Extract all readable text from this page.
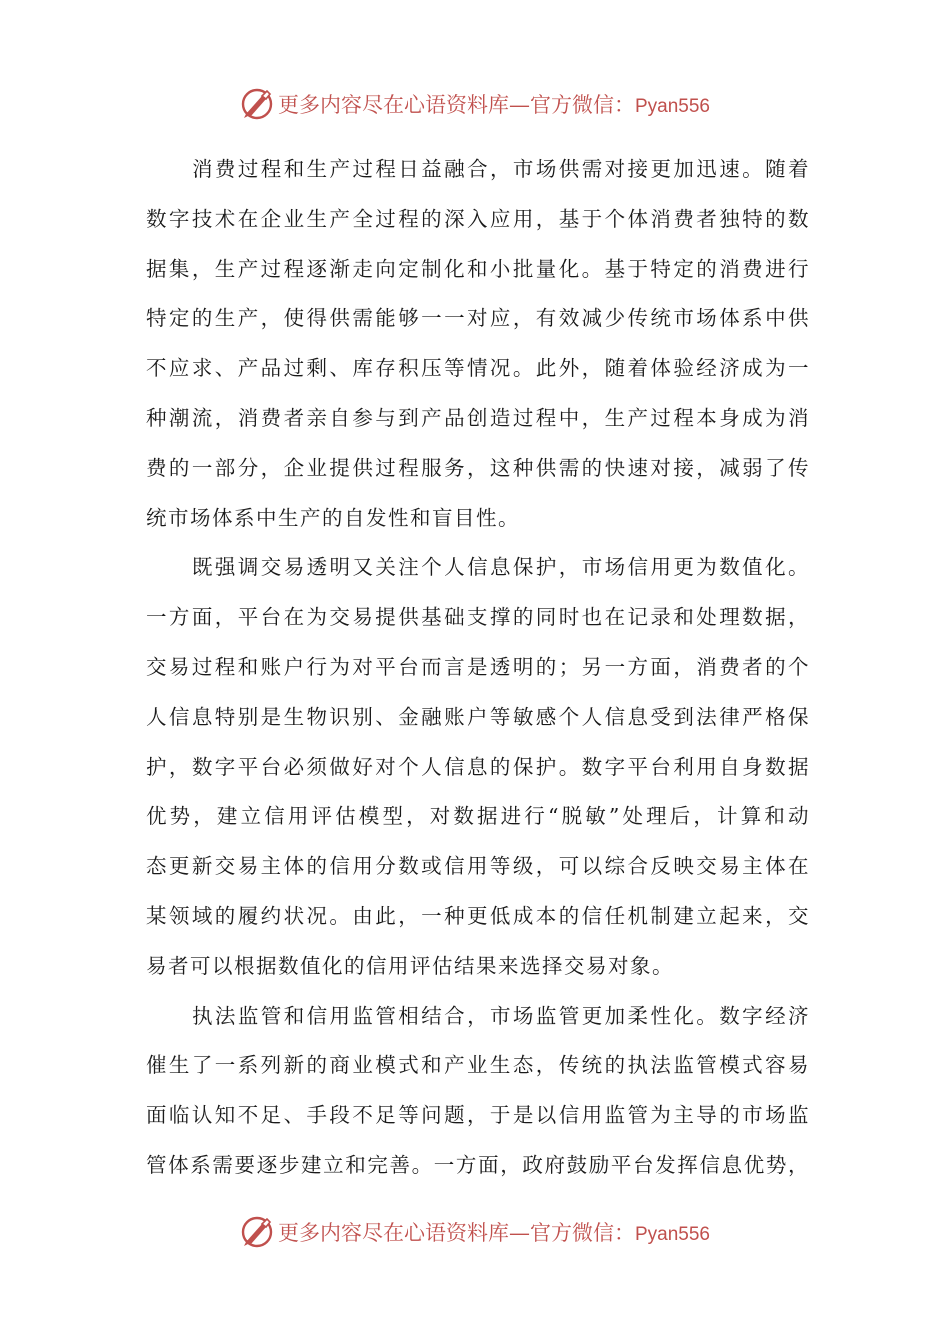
更多内容尽在心语资料库—官方微信：Pyan556

消费过程和生产过程日益融合，市场供需对接更加迅速。随着
数字技术在企业生产全过程的深入应用，基于个体消费者独特的数
据集，生产过程逐渐走向定制化和小批量化。基于特定的消费进行
特定的生产，使得供需能够一一对应，有效减少传统市场体系中供
不应求、产品过剩、库存积压等情况。此外，随着体验经济成为一
种潮流，消费者亲自参与到产品创造过程中，生产过程本身成为消
费的一部分，企业提供过程服务，这种供需的快速对接，减弱了传
统市场体系中生产的自发性和盲目性。

既强调交易透明又关注个人信息保护，市场信用更为数值化。
一方面，平台在为交易提供基础支撑的同时也在记录和处理数据，
交易过程和账户行为对平台而言是透明的；另一方面，消费者的个
人信息特别是生物识别、金融账户等敏感个人信息受到法律严格保
护，数字平台必须做好对个人信息的保护。数字平台利用自身数据
优势，建立信用评估模型，对数据进行“脱敏”处理后，计算和动
态更新交易主体的信用分数或信用等级，可以综合反映交易主体在
某领域的履约状况。由此，一种更低成本的信任机制建立起来，交
易者可以根据数值化的信用评估结果来选择交易对象。

执法监管和信用监管相结合，市场监管更加柔性化。数字经济
催生了一系列新的商业模式和产业生态，传统的执法监管模式容易
面临认知不足、手段不足等问题，于是以信用监管为主导的市场监
管体系需要逐步建立和完善。一方面，政府鼓励平台发挥信息优势，

更多内容尽在心语资料库—官方微信：Pyan556
